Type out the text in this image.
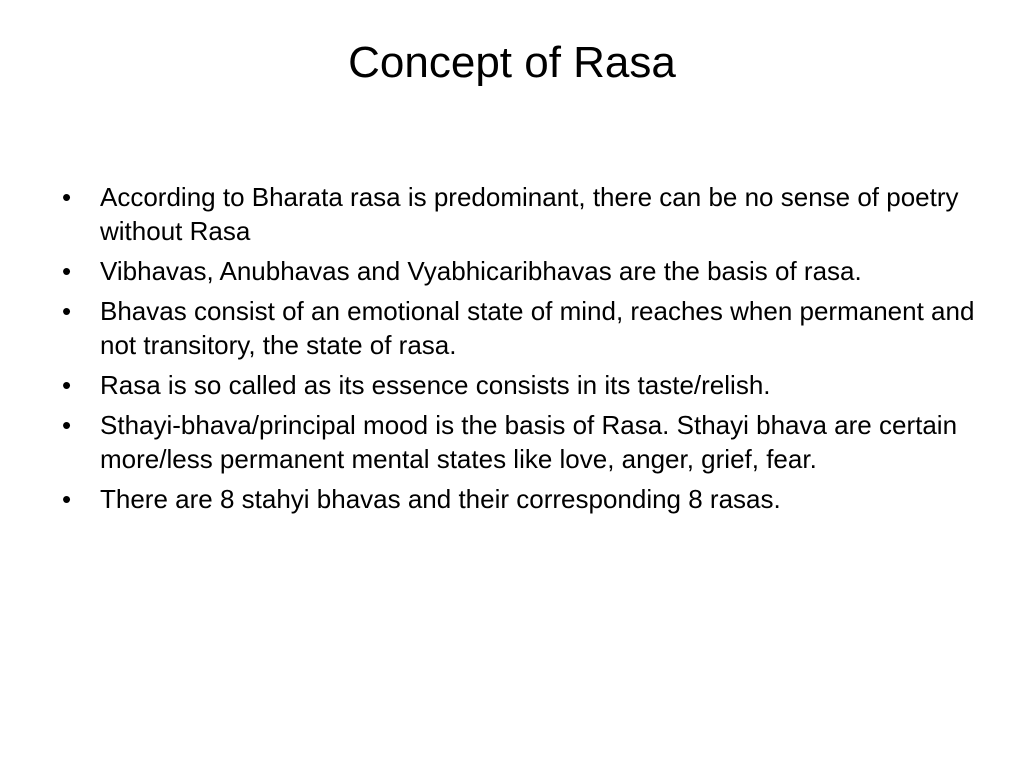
Concept of Rasa
•	According to Bharata rasa is predominant, there can be no sense of poetry without Rasa
•	Vibhavas, Anubhavas and Vyabhicaribhavas are the basis of rasa.
•	Bhavas consist of an emotional state of mind, reaches when permanent and not transitory, the state of rasa.
•	Rasa is so called as its essence consists in its taste/relish.
•	Sthayi-bhava/principal mood is the basis of Rasa. Sthayi bhava are certain more/less permanent mental states like love, anger, grief, fear.
•	There are 8 stahyi bhavas and their corresponding 8 rasas.
